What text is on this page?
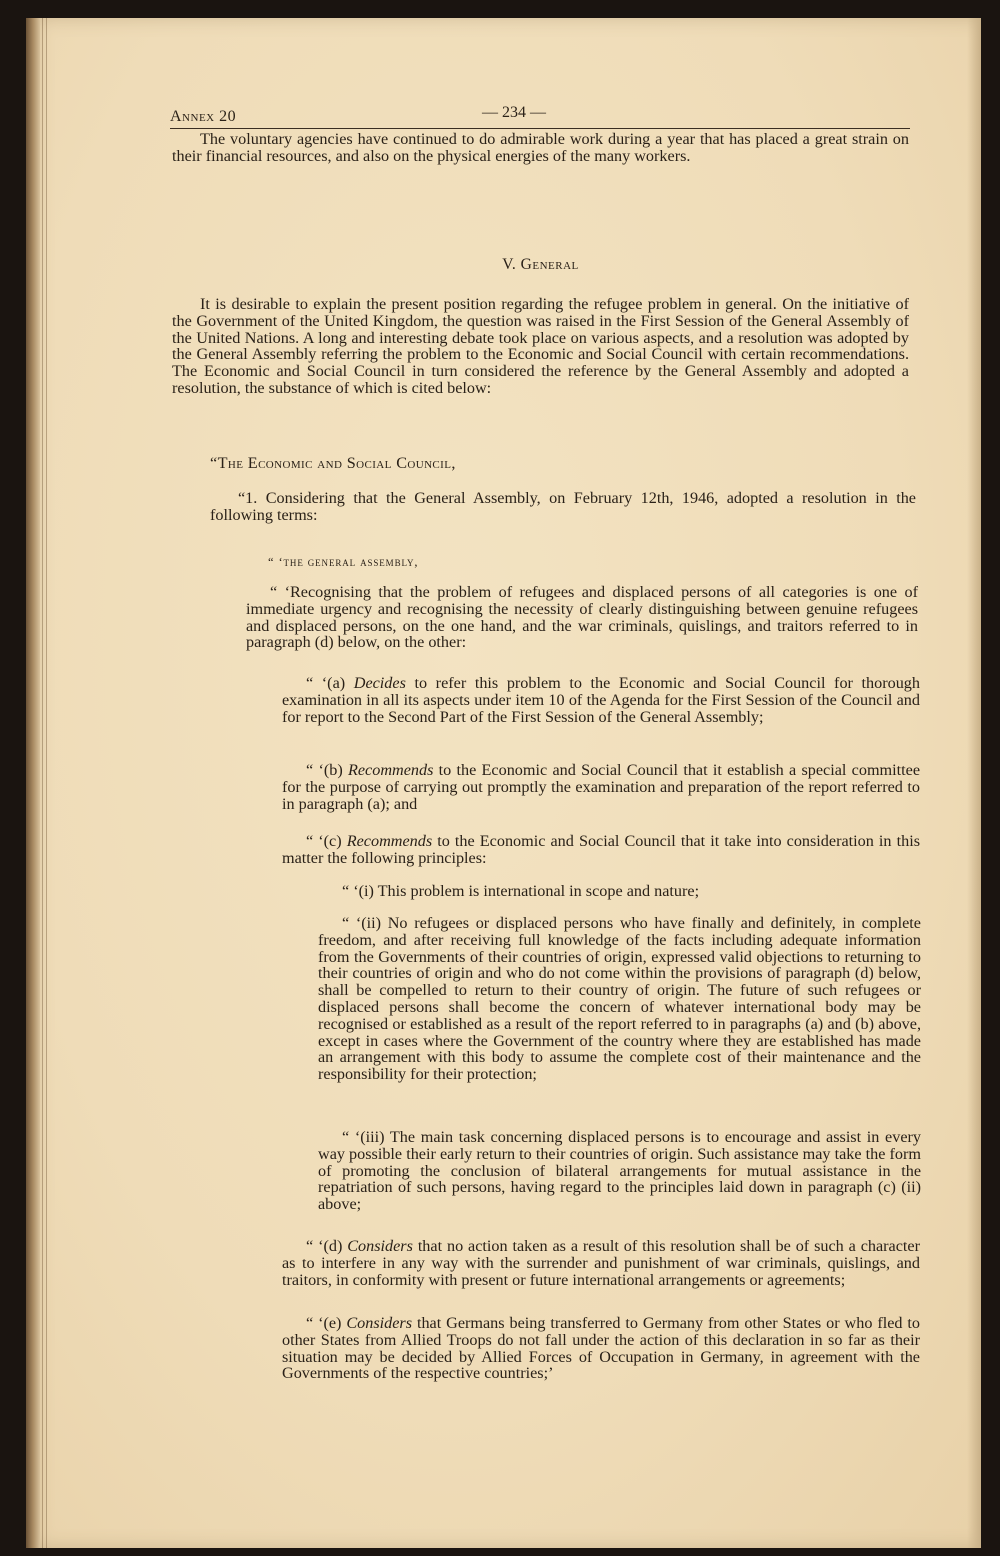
Annex 20	— 234 —

The voluntary agencies have continued to do admirable work during a year that has placed a great strain on their financial resources, and also on the physical energies of the many workers.

V. General

It is desirable to explain the present position regarding the refugee problem in general. On the initiative of the Government of the United Kingdom, the question was raised in the First Session of the General Assembly of the United Nations. A long and interesting debate took place on various aspects, and a resolution was adopted by the General Assembly referring the problem to the Economic and Social Council with certain recommendations. The Economic and Social Council in turn considered the reference by the General Assembly and adopted a resolution, the substance of which is cited below:

“The Economic and Social Council,
“1. Considering that the General Assembly, on February 12th, 1946, adopted a resolution in the following terms:
“ ‘the general assembly,
“ ‘Recognising that the problem of refugees and displaced persons of all categories is one of immediate urgency and recognising the necessity of clearly distinguishing between genuine refugees and displaced persons, on the one hand, and the war criminals, quislings, and traitors referred to in paragraph (d) below, on the other:
“ ‘(a) Decides to refer this problem to the Economic and Social Council for thorough examination in all its aspects under item 10 of the Agenda for the First Session of the Council and for report to the Second Part of the First Session of the General Assembly;
“ ‘(b) Recommends to the Economic and Social Council that it establish a special committee for the purpose of carrying out promptly the examination and preparation of the report referred to in paragraph (a); and
“ ‘(c) Recommends to the Economic and Social Council that it take into consideration in this matter the following principles:
“ ‘(i) This problem is international in scope and nature;
“ ‘(ii) No refugees or displaced persons who have finally and definitely, in complete freedom, and after receiving full knowledge of the facts including adequate information from the Governments of their countries of origin, expressed valid objections to returning to their countries of origin and who do not come within the provisions of paragraph (d) below, shall be compelled to return to their country of origin. The future of such refugees or displaced persons shall become the concern of whatever international body may be recognised or established as a result of the report referred to in paragraphs (a) and (b) above, except in cases where the Government of the country where they are established has made an arrangement with this body to assume the complete cost of their maintenance and the responsibility for their protection;
“ ‘(iii) The main task concerning displaced persons is to encourage and assist in every way possible their early return to their countries of origin. Such assistance may take the form of promoting the conclusion of bilateral arrangements for mutual assistance in the repatriation of such persons, having regard to the principles laid down in paragraph (c) (ii) above;
“ ‘(d) Considers that no action taken as a result of this resolution shall be of such a character as to interfere in any way with the surrender and punishment of war criminals, quislings, and traitors, in conformity with present or future international arrangements or agreements;
“ ‘(e) Considers that Germans being transferred to Germany from other States or who fled to other States from Allied Troops do not fall under the action of this declaration in so far as their situation may be decided by Allied Forces of Occupation in Germany, in agreement with the Governments of the respective countries;’
